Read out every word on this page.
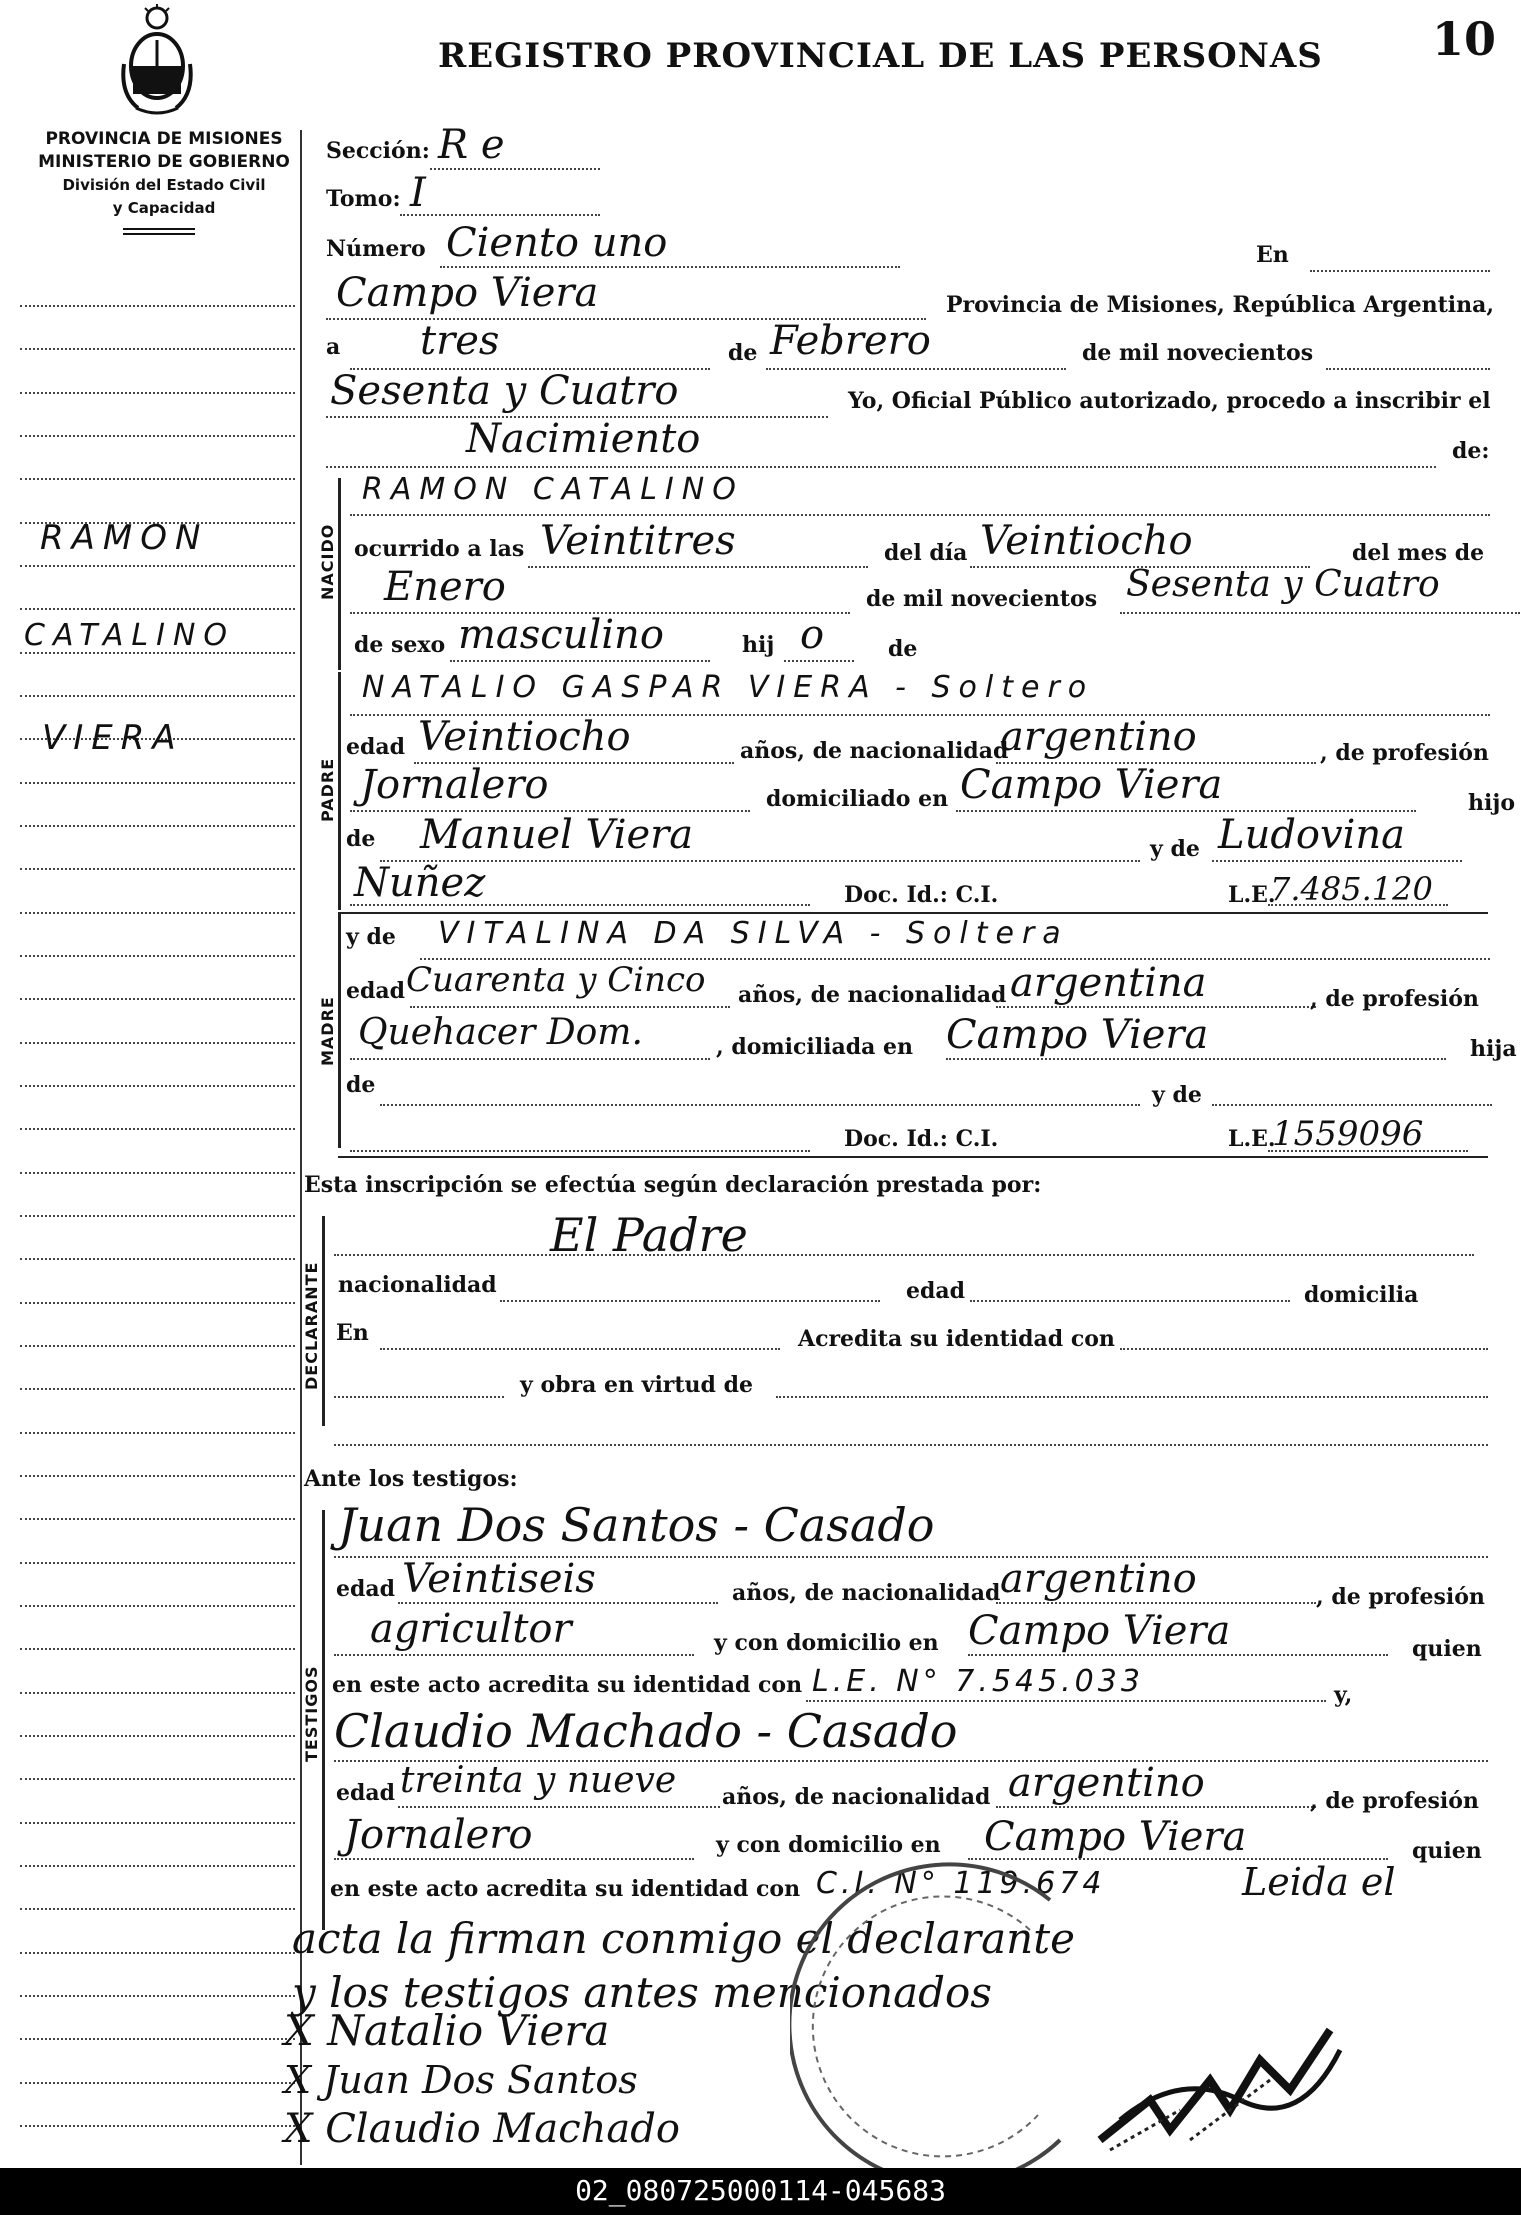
REGISTRO PROVINCIAL DE LAS PERSONAS 10
PROVINCIA DE MISIONES
MINISTERIO DE GOBIERNO
División del Estado Civil
y Capacidad
RAMON
CATALINO
VIERA
Sección: R e
Tomo: I
Número Ciento uno	En
Campo Viera	Provincia de Misiones, República Argentina,
a tres	de Febrero	de mil novecientos
Sesenta y Cuatro	Yo, Oficial Público autorizado, procedo a inscribir el
Nacimiento	de:
NACIDO
RAMON CATALINO
ocurrido a las Veintitres	del día Veintiocho	del mes de
Enero	de mil novecientos Sesenta y Cuatro
de sexo masculino	hij o	de
PADRE
NATALIO GASPAR VIERA - Soltero
edad Veintiocho	años, de nacionalidad
argentino	, de profesión
Jornalero	domiciliado en Campo Viera	hijo
de Manuel Viera	y de Ludovina
Nuñez	Doc. Id.: C.I.	L.E.
7.485.120
MADRE
y de VITALINA DA SILVA - Soltera
edad Cuarenta y Cinco años, de nacionalidad argentina	, de profesión
Quehacer Dom.	, domiciliada en Campo Viera	hija
de	y de
Doc. Id.: C.I.	L.E.
1559096
Esta inscripción se efectúa según declaración prestada por:
DECLARANTE
El Padre
nacionalidad	edad	domicilia
En	Acredita su identidad con
y obra en virtud de
Ante los testigos:
TESTIGOS
Juan Dos Santos - Casado
edad Veintiseis	años, de nacionalidad argentino	, de profesión
agricultor	y con domicilio en Campo Viera	quien
en este acto acredita su identidad con L.E. N° 7.545.033	y,
Claudio Machado - Casado
edad treinta y nueve años, de nacionalidad argentino	, de profesión
Jornalero	y con domicilio en Campo Viera	quien
en este acto acredita su identidad con C.I. N° 119.674	Leida el
acta la firman conmigo el declarante
y los testigos antes mencionados
X Natalio Viera
X Juan Dos Santos
X Claudio Machado
02_080725000114-045683
